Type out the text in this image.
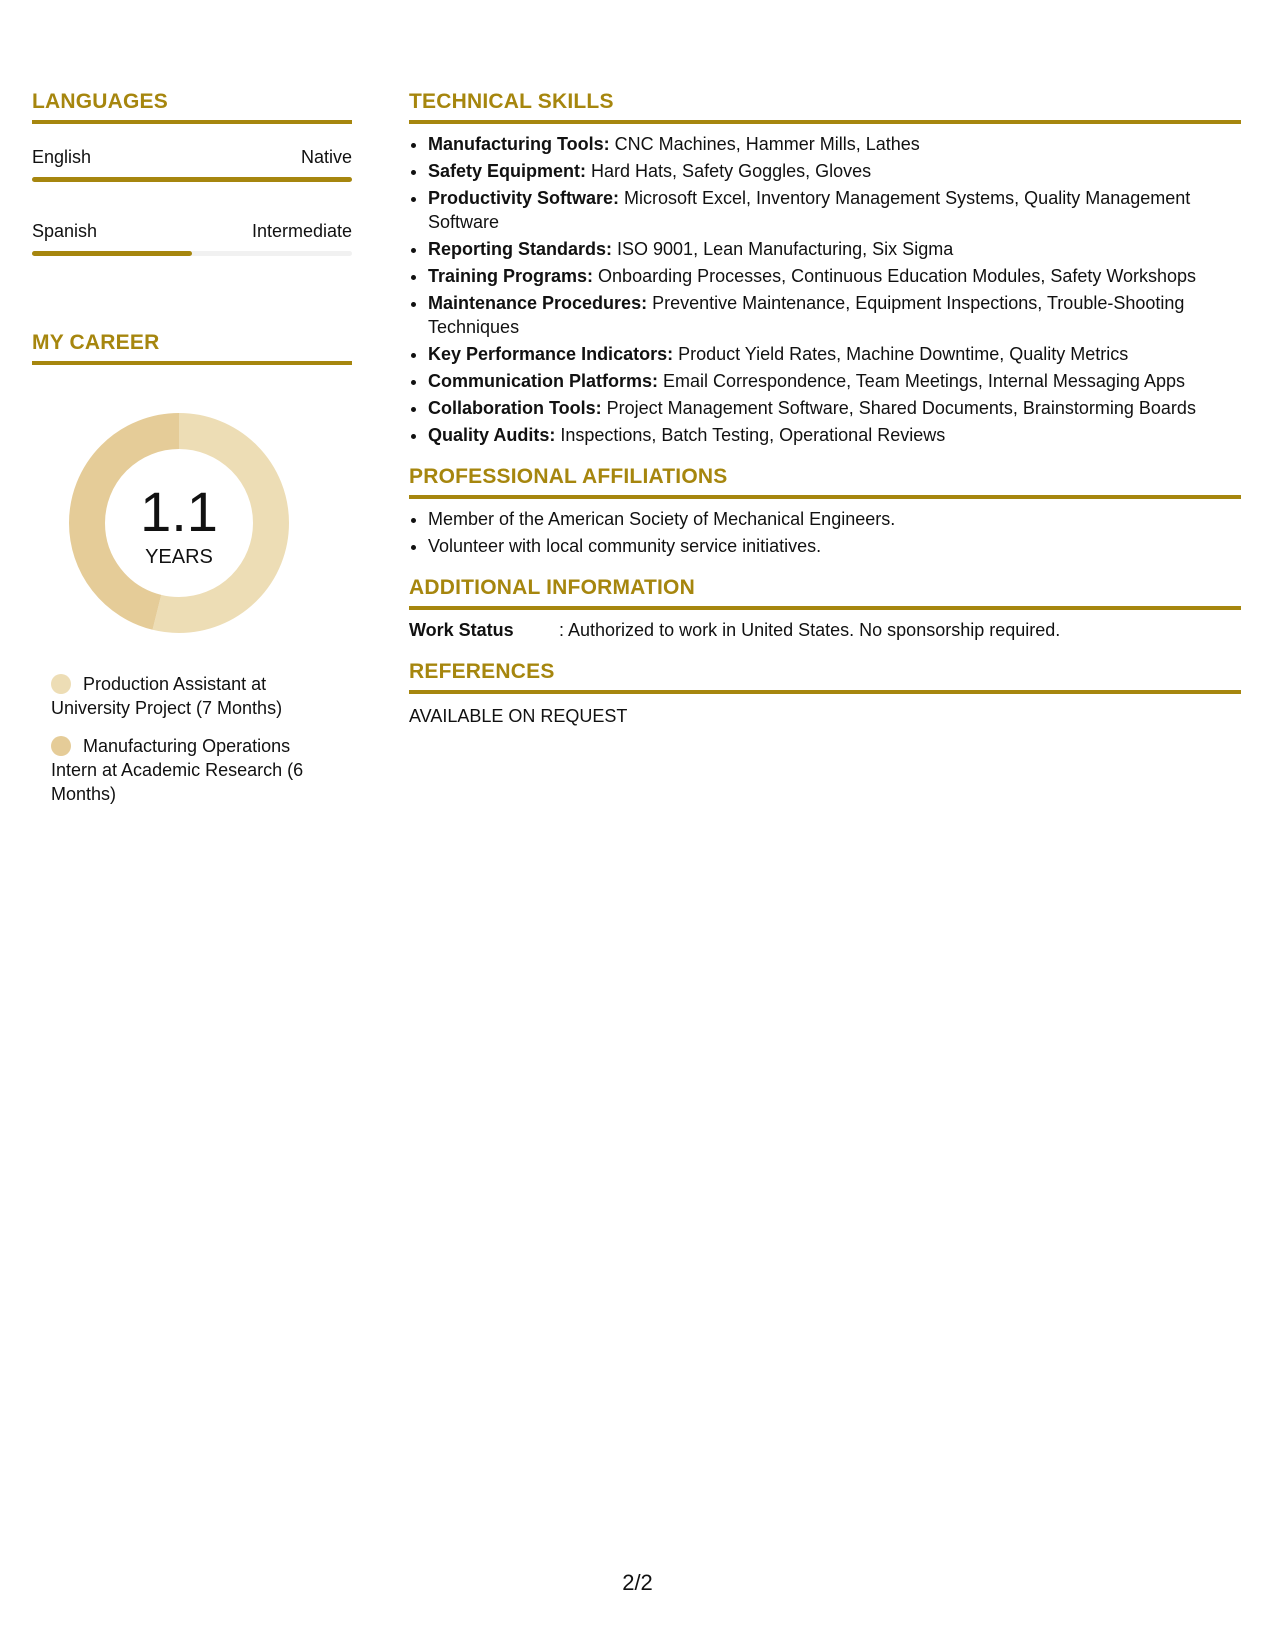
LANGUAGES
English	Native
Spanish	Intermediate
MY CAREER
1.1
YEARS
Production Assistant at University Project (7 Months)
Manufacturing Operations Intern at Academic Research (6 Months)
TECHNICAL SKILLS
• Manufacturing Tools: CNC Machines, Hammer Mills, Lathes
• Safety Equipment: Hard Hats, Safety Goggles, Gloves
• Productivity Software: Microsoft Excel, Inventory Management Systems, Quality Management Software
• Reporting Standards: ISO 9001, Lean Manufacturing, Six Sigma
• Training Programs: Onboarding Processes, Continuous Education Modules, Safety Workshops
• Maintenance Procedures: Preventive Maintenance, Equipment Inspections, Trouble-Shooting Techniques
• Key Performance Indicators: Product Yield Rates, Machine Downtime, Quality Metrics
• Communication Platforms: Email Correspondence, Team Meetings, Internal Messaging Apps
• Collaboration Tools: Project Management Software, Shared Documents, Brainstorming Boards
• Quality Audits: Inspections, Batch Testing, Operational Reviews
PROFESSIONAL AFFILIATIONS
• Member of the American Society of Mechanical Engineers.
• Volunteer with local community service initiatives.
ADDITIONAL INFORMATION
Work Status	: Authorized to work in United States. No sponsorship required.
REFERENCES
AVAILABLE ON REQUEST
2/2
